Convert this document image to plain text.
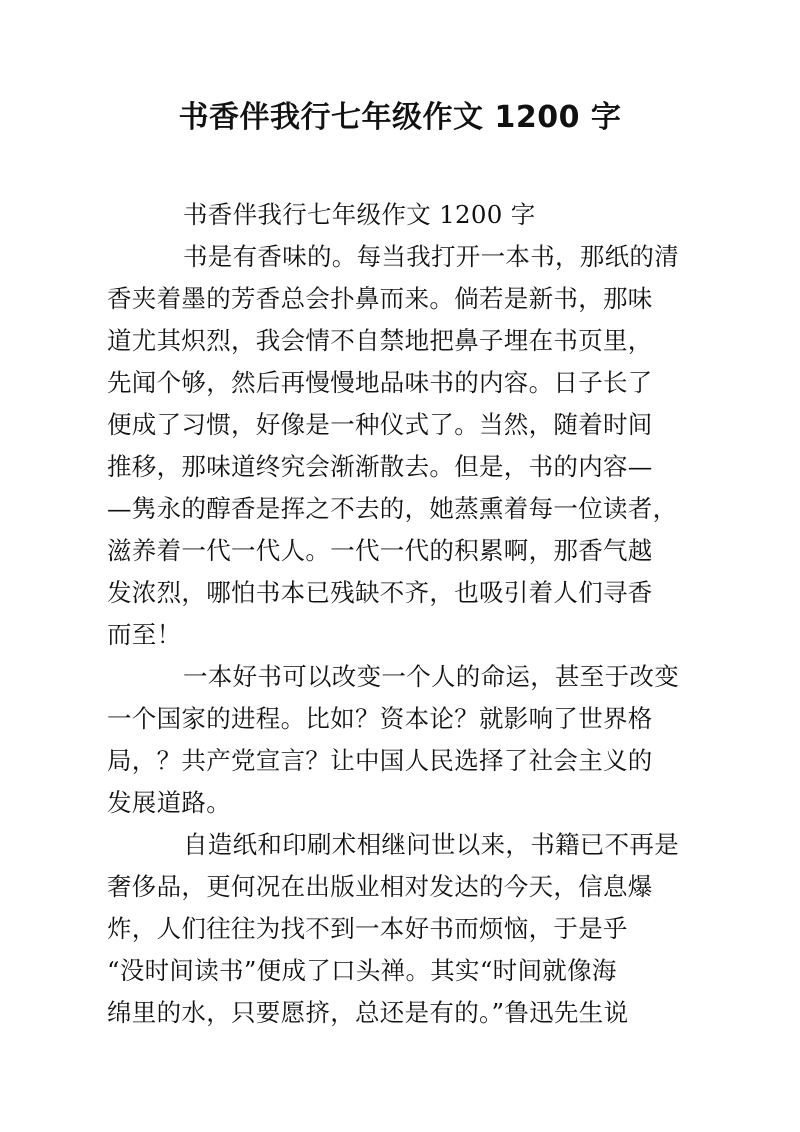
书香伴我行七年级作文 1200 字
书香伴我行七年级作文 1200 字
书是有香味的。每当我打开一本书，那纸的清
香夹着墨的芳香总会扑鼻而来。倘若是新书，那味
道尤其炽烈，我会情不自禁地把鼻子埋在书页里，
先闻个够，然后再慢慢地品味书的内容。日子长了
便成了习惯，好像是一种仪式了。当然，随着时间
推移，那味道终究会渐渐散去。但是，书的内容—
—隽永的醇香是挥之不去的，她蒸熏着每一位读者，
滋养着一代一代人。一代一代的积累啊，那香气越
发浓烈，哪怕书本已残缺不齐，也吸引着人们寻香
而至！
一本好书可以改变一个人的命运，甚至于改变
一个国家的进程。比如？资本论？就影响了世界格
局，？共产党宣言？让中国人民选择了社会主义的
发展道路。
自造纸和印刷术相继问世以来，书籍已不再是
奢侈品，更何况在出版业相对发达的今天，信息爆
炸，人们往往为找不到一本好书而烦恼，于是乎
“没时间读书”便成了口头禅。其实“时间就像海
绵里的水，只要愿挤，总还是有的。”鲁迅先生说
